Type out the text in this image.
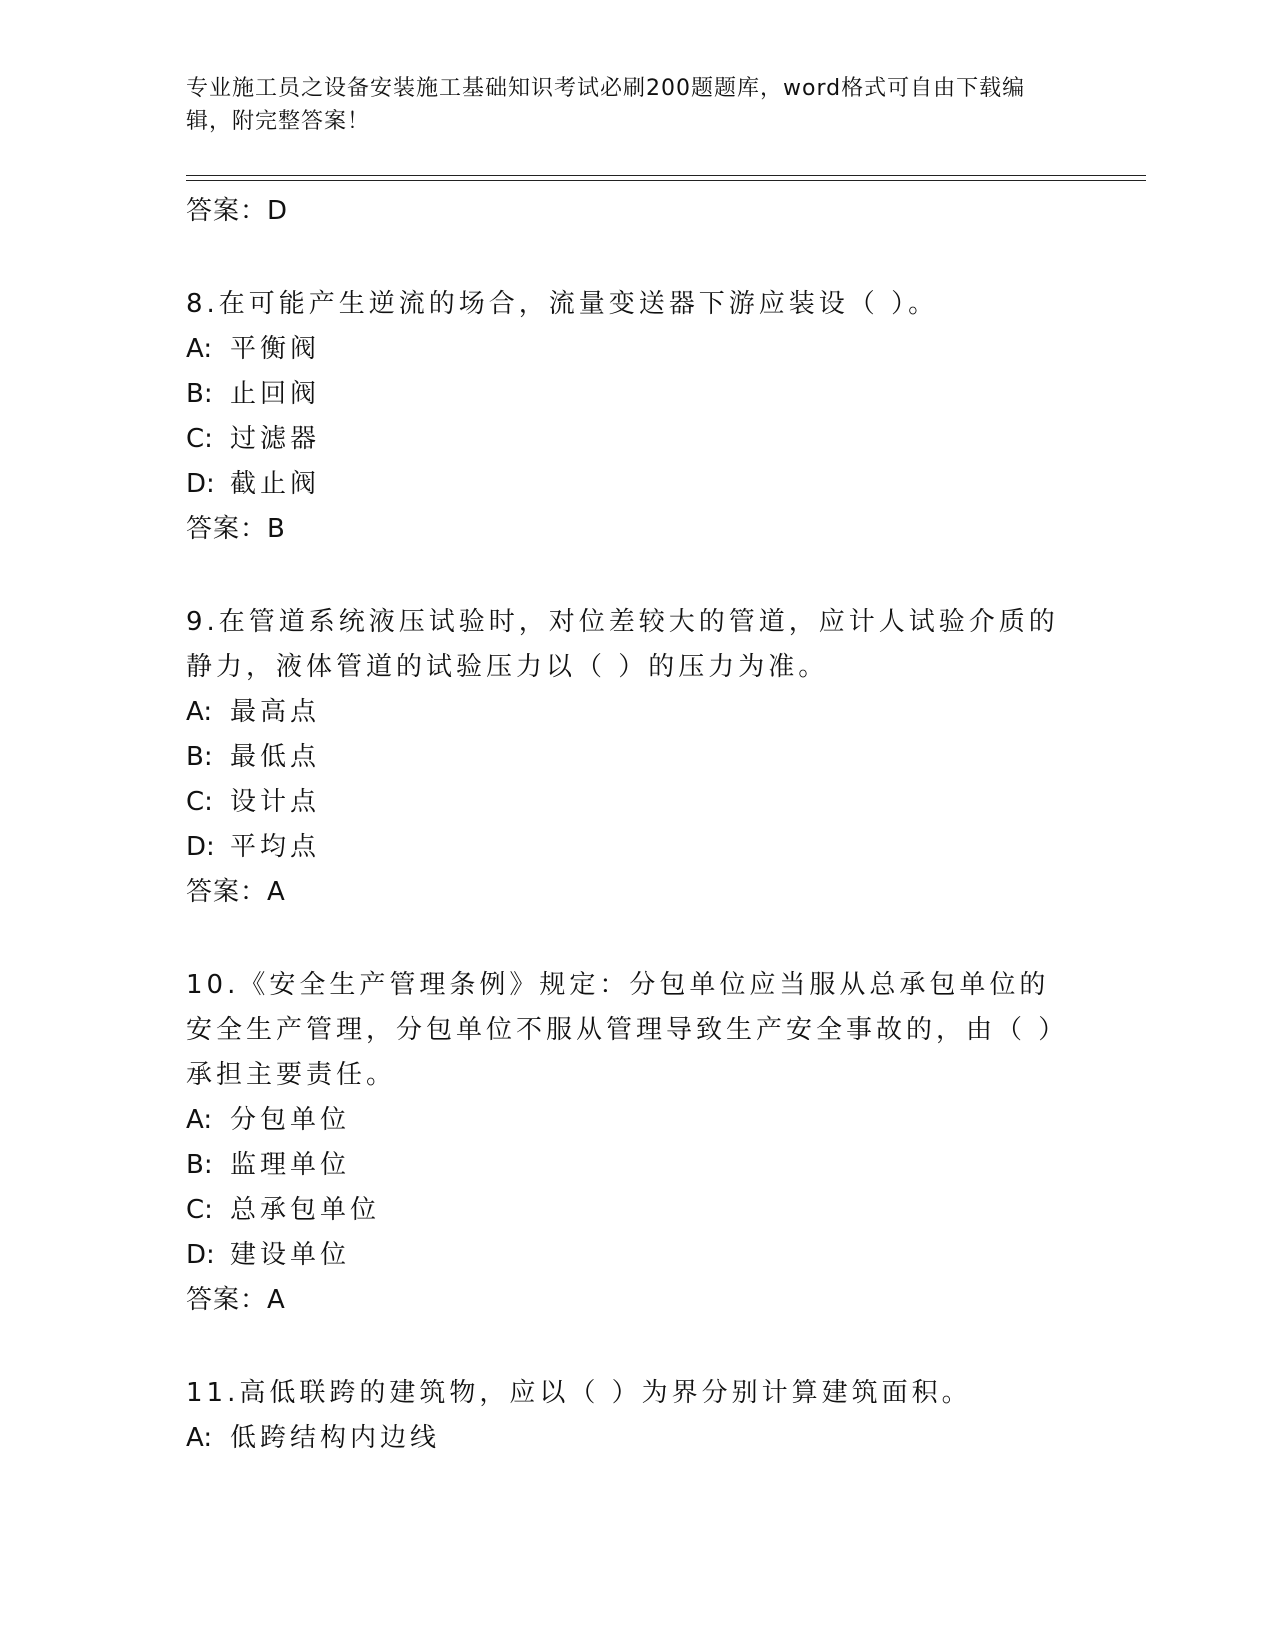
专业施工员之设备安装施工基础知识考试必刷200题题库，word格式可自由下载编辑，附完整答案！
答案：D
8.在可能产生逆流的场合，流量变送器下游应装设（ ）。
A: 平衡阀
B: 止回阀
C: 过滤器
D: 截止阀
答案：B
9.在管道系统液压试验时，对位差较大的管道，应计人试验介质的静力，液体管道的试验压力以（ ）的压力为准。
A: 最高点
B: 最低点
C: 设计点
D: 平均点
答案：A
10.《安全生产管理条例》规定：分包单位应当服从总承包单位的安全生产管理，分包单位不服从管理导致生产安全事故的，由（ ）承担主要责任。
A: 分包单位
B: 监理单位
C: 总承包单位
D: 建设单位
答案：A
11.高低联跨的建筑物，应以（ ）为界分别计算建筑面积。
A: 低跨结构内边线
